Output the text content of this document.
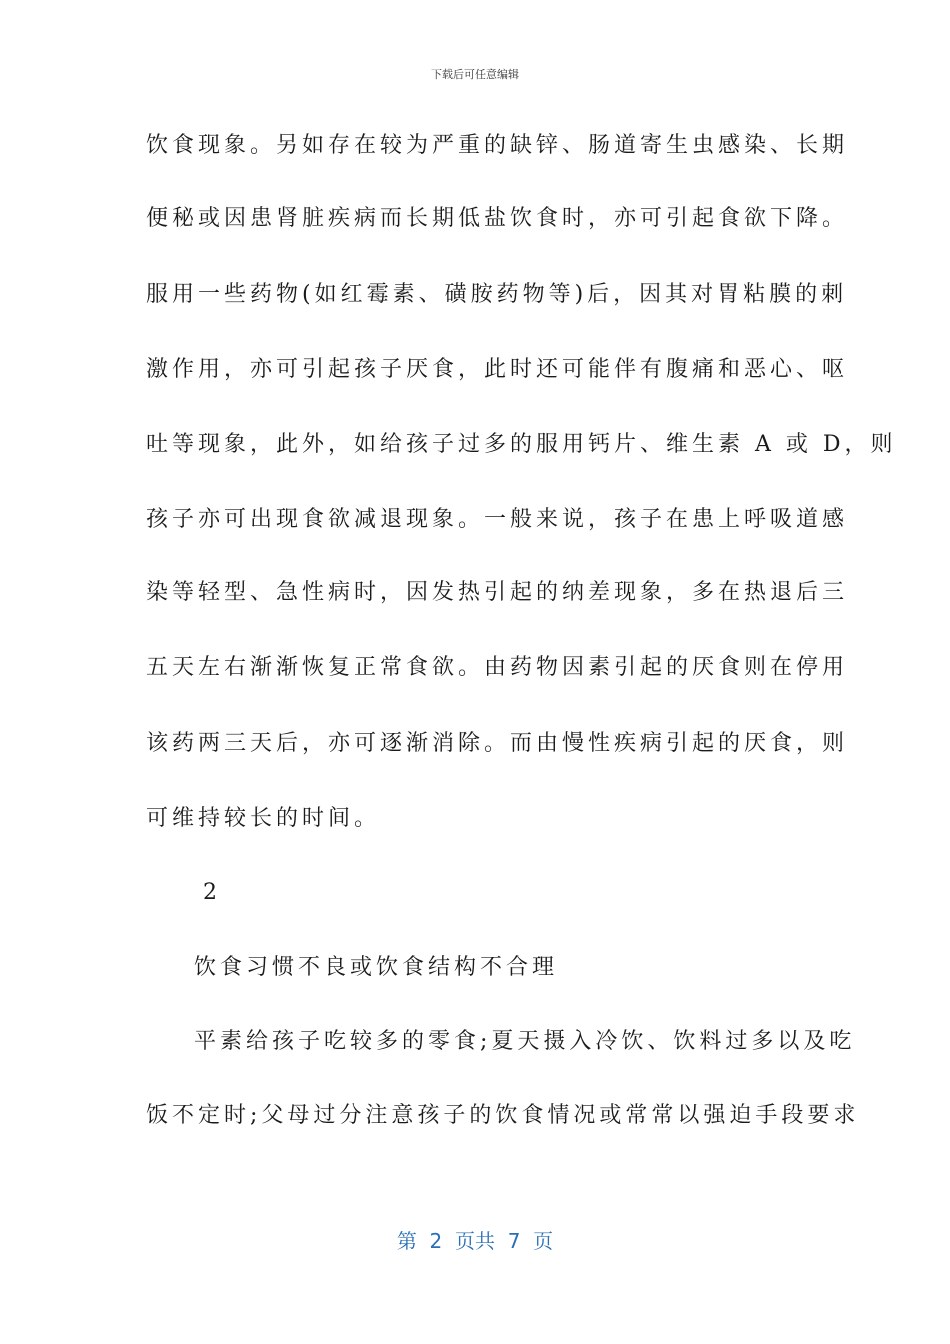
下载后可任意编辑
饮食现象。另如存在较为严重的缺锌、肠道寄生虫感染、长期
便秘或因患肾脏疾病而长期低盐饮食时，亦可引起食欲下降。
服用一些药物(如红霉素、磺胺药物等)后，因其对胃粘膜的刺
激作用，亦可引起孩子厌食，此时还可能伴有腹痛和恶心、呕
吐等现象，此外，如给孩子过多的服用钙片、维生素 A 或 D，则
孩子亦可出现食欲减退现象。一般来说，孩子在患上呼吸道感
染等轻型、急性病时，因发热引起的纳差现象，多在热退后三
五天左右渐渐恢复正常食欲。由药物因素引起的厌食则在停用
该药两三天后，亦可逐渐消除。而由慢性疾病引起的厌食，则
可维持较长的时间。
2
饮食习惯不良或饮食结构不合理
平素给孩子吃较多的零食;夏天摄入冷饮、饮料过多以及吃
饭不定时;父母过分注意孩子的饮食情况或常常以强迫手段要求
第  2  页共  7  页
